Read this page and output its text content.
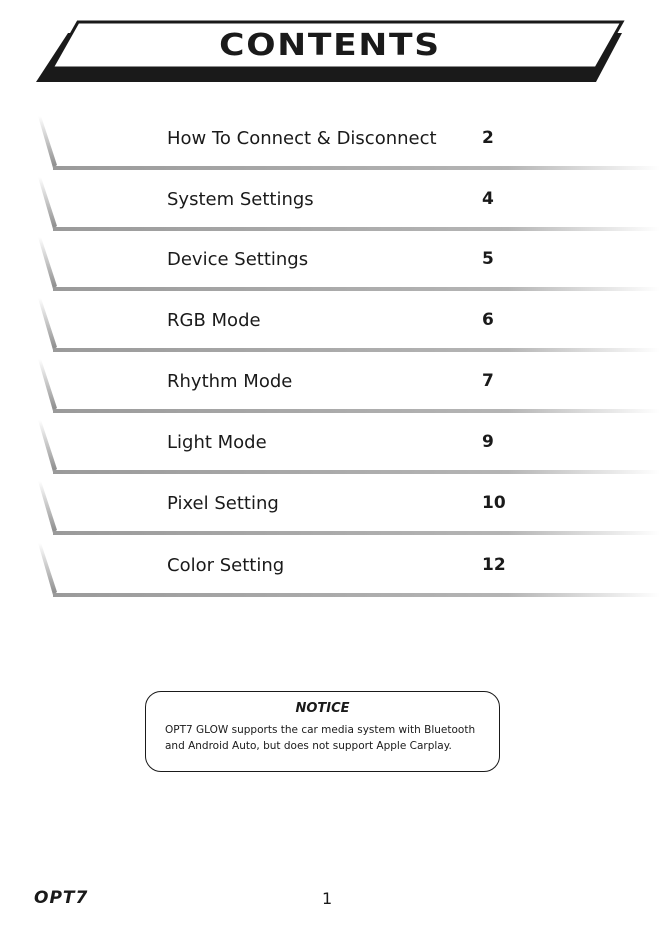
CONTENTS
How To Connect & Disconnect	2
System Settings	4
Device Settings	5
RGB Mode	6
Rhythm Mode	7
Light Mode	9
Pixel Setting	10
Color Setting	12
NOTICE
OPT7 GLOW supports the car media system with Bluetooth
and Android Auto, but does not support Apple Carplay.
OPT7	1
